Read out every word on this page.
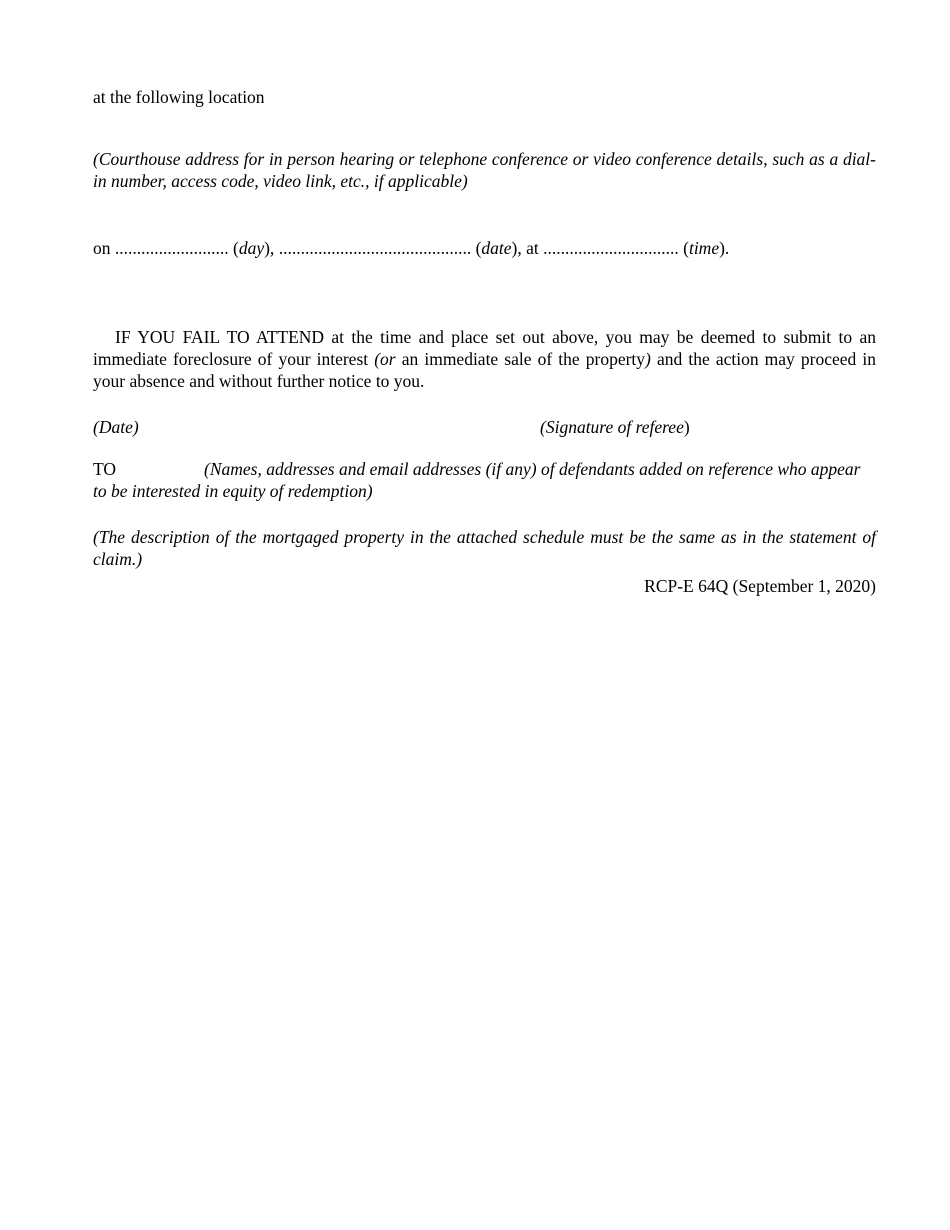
at the following location
(Courthouse address for in person hearing or telephone conference or video conference details, such as a dial-in number, access code, video link, etc., if applicable)
on .......................... (day), ............................................ (date), at ............................... (time).
IF YOU FAIL TO ATTEND at the time and place set out above, you may be deemed to submit to an immediate foreclosure of your interest (or an immediate sale of the property) and the action may proceed in your absence and without further notice to you.
(Date)	(Signature of referee)
TO	(Names, addresses and email addresses (if any) of defendants added on reference who appear to be interested in equity of redemption)
(The description of the mortgaged property in the attached schedule must be the same as in the statement of claim.)
RCP-E 64Q (September 1, 2020)
